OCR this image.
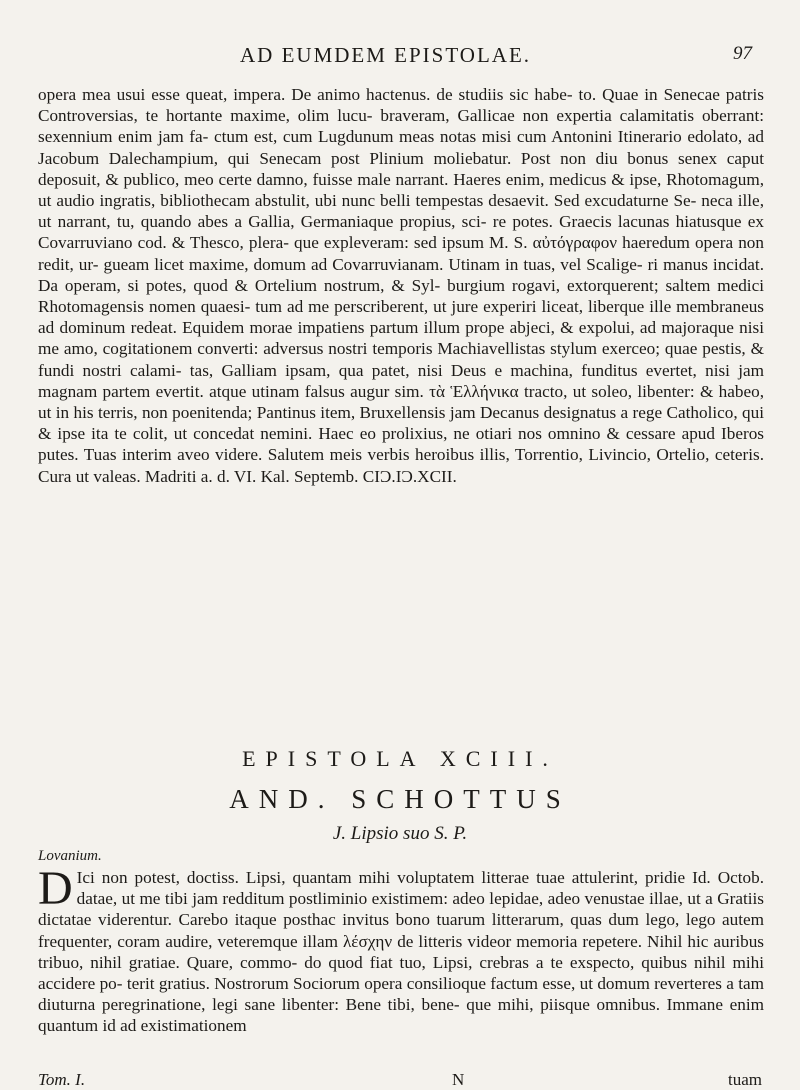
AD EUMDEM EPISTOLAE.	97

opera mea usui esse queat, impera. De animo hactenus. de studiis sic habe- to. Quae in Senecae patris Controversias, te hortante maxime, olim lucu- braveram, Gallicae non expertia calamitatis oberrant: sexennium enim jam fa- ctum est, cum Lugdunum meas notas misi cum Antonini Itinerario edolato, ad Jacobum Dalechampium, qui Senecam post Plinium moliebatur. Post non diu bonus senex caput deposuit, & publico, meo certe damno, fuisse male narrant. Haeres enim, medicus & ipse, Rhotomagum, ut audio ingratis, bibliothecam abstulit, ubi nunc belli tempestas desaevit. Sed excudaturne Se- neca ille, ut narrant, tu, quando abes a Gallia, Germaniaque propius, sci- re potes. Graecis lacunas hiatusque ex Covarruviano cod. & Thesco, plera- que expleveram: sed ipsum M. S. αὐτόγραφον haeredum opera non redit, ur- gueam licet maxime, domum ad Covarruvianam. Utinam in tuas, vel Scalige- ri manus incidat. Da operam, si potes, quod & Ortelium nostrum, & Syl- burgium rogavi, extorquerent; saltem medici Rhotomagensis nomen quaesi- tum ad me perscriberent, ut jure experiri liceat, liberque ille membraneus ad dominum redeat. Equidem morae impatiens partum illum prope abjeci, & expolui, ad majoraque nisi me amo, cogitationem converti: adversus nostri temporis Machiavellistas stylum exerceo; quae pestis, & fundi nostri calami- tas, Galliam ipsam, qua patet, nisi Deus e machina, funditus evertet, nisi jam magnam partem evertit. atque utinam falsus augur sim. τὰ Ἑλλήνικα tracto, ut soleo, libenter: & habeo, ut in his terris, non poenitenda; Pantinus item, Bruxellensis jam Decanus designatus a rege Catholico, qui & ipse ita te colit, ut concedat nemini. Haec eo prolixius, ne otiari nos omnino & cessare apud Iberos putes. Tuas interim aveo videre. Salutem meis verbis heroibus illis, Torrentio, Livincio, Ortelio, ceteris. Cura ut valeas. Madriti a. d. VI. Kal. Septemb. CIƆ.IƆ.XCII.

EPISTOLA XCIII.
AND. SCHOTTUS
J. Lipsio suo S. P.
Lovanium.
D Ici non potest, doctiss. Lipsi, quantam mihi voluptatem litterae tuae attulerint, pridie Id. Octob. datae, ut me tibi jam redditum postliminio existimem: adeo lepidae, adeo venustae illae, ut a Gratiis dictatae viderentur. Carebo itaque posthac invitus bono tuarum litterarum, quas dum lego, lego autem frequenter, coram audire, veteremque illam λέσχην de litteris videor memoria repetere. Nihil hic auribus tribuo, nihil gratiae. Quare, commo- do quod fiat tuo, Lipsi, crebras a te exspecto, quibus nihil mihi accidere po- terit gratius. Nostrorum Sociorum opera consilioque factum esse, ut domum reverteres a tam diuturna peregrinatione, legi sane libenter: Bene tibi, bene- que mihi, piisque omnibus. Immane enim quantum id ad existimationem
Tom. I.	N	tuam
